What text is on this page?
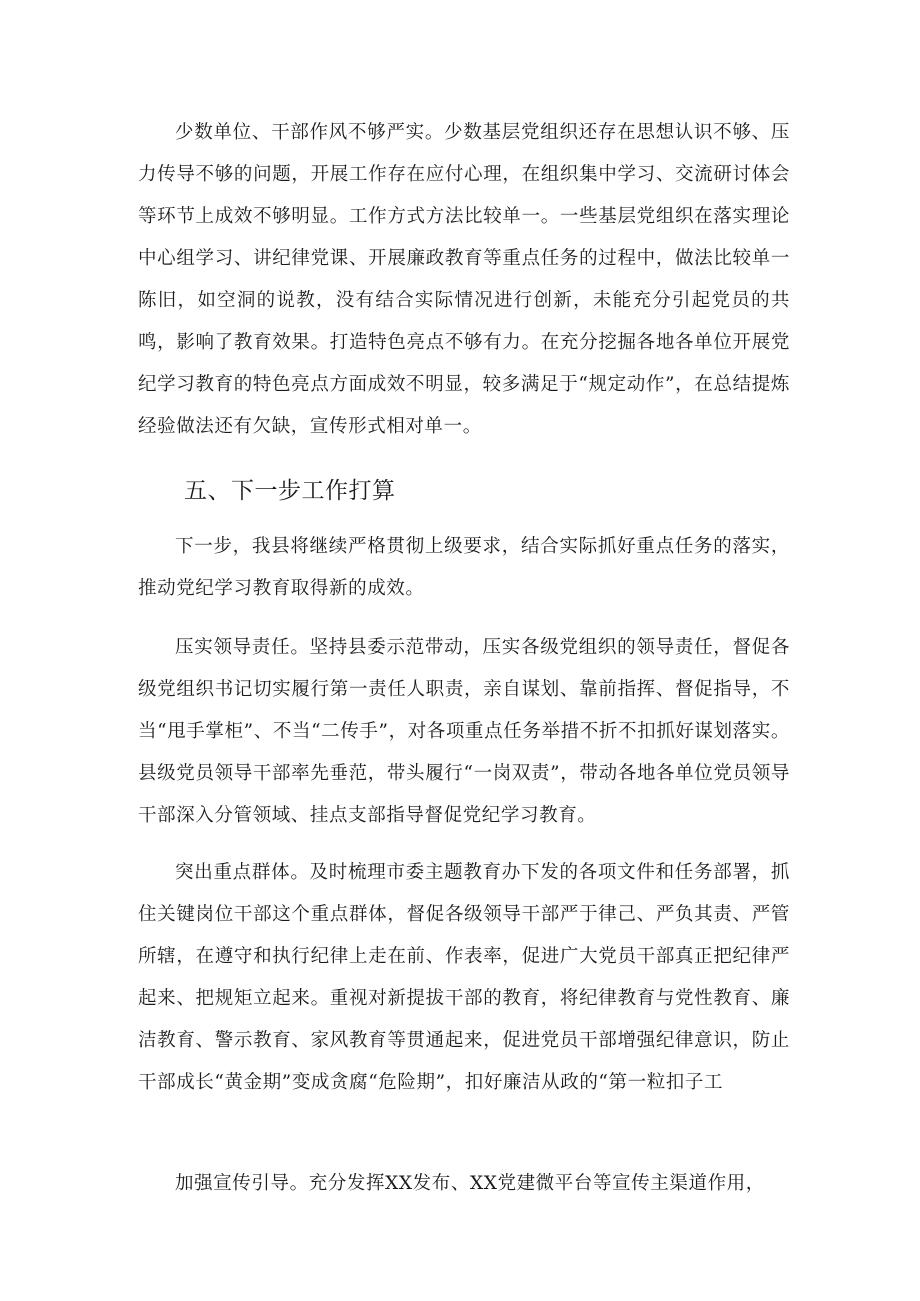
少数单位、干部作风不够严实。少数基层党组织还存在思想认识不够、压力传导不够的问题，开展工作存在应付心理，在组织集中学习、交流研讨体会等环节上成效不够明显。工作方式方法比较单一。一些基层党组织在落实理论中心组学习、讲纪律党课、开展廉政教育等重点任务的过程中，做法比较单一陈旧，如空洞的说教，没有结合实际情况进行创新，未能充分引起党员的共鸣，影响了教育效果。打造特色亮点不够有力。在充分挖掘各地各单位开展党纪学习教育的特色亮点方面成效不明显，较多满足于“规定动作”，在总结提炼经验做法还有欠缺，宣传形式相对单一。

五、下一步工作打算

下一步，我县将继续严格贯彻上级要求，结合实际抓好重点任务的落实，推动党纪学习教育取得新的成效。

压实领导责任。坚持县委示范带动，压实各级党组织的领导责任，督促各级党组织书记切实履行第一责任人职责，亲自谋划、靠前指挥、督促指导，不当“甩手掌柜”、不当“二传手”，对各项重点任务举措不折不扣抓好谋划落实。县级党员领导干部率先垂范，带头履行“一岗双责”，带动各地各单位党员领导干部深入分管领域、挂点支部指导督促党纪学习教育。

突出重点群体。及时梳理市委主题教育办下发的各项文件和任务部署，抓住关键岗位干部这个重点群体，督促各级领导干部严于律己、严负其责、严管所辖，在遵守和执行纪律上走在前、作表率，促进广大党员干部真正把纪律严起来、把规矩立起来。重视对新提拔干部的教育，将纪律教育与党性教育、廉洁教育、警示教育、家风教育等贯通起来，促进党员干部增强纪律意识，防止干部成长“黄金期”变成贪腐“危险期”，扣好廉洁从政的“第一粒扣子工

加强宣传引导。充分发挥XX发布、XX党建微平台等宣传主渠道作用，
